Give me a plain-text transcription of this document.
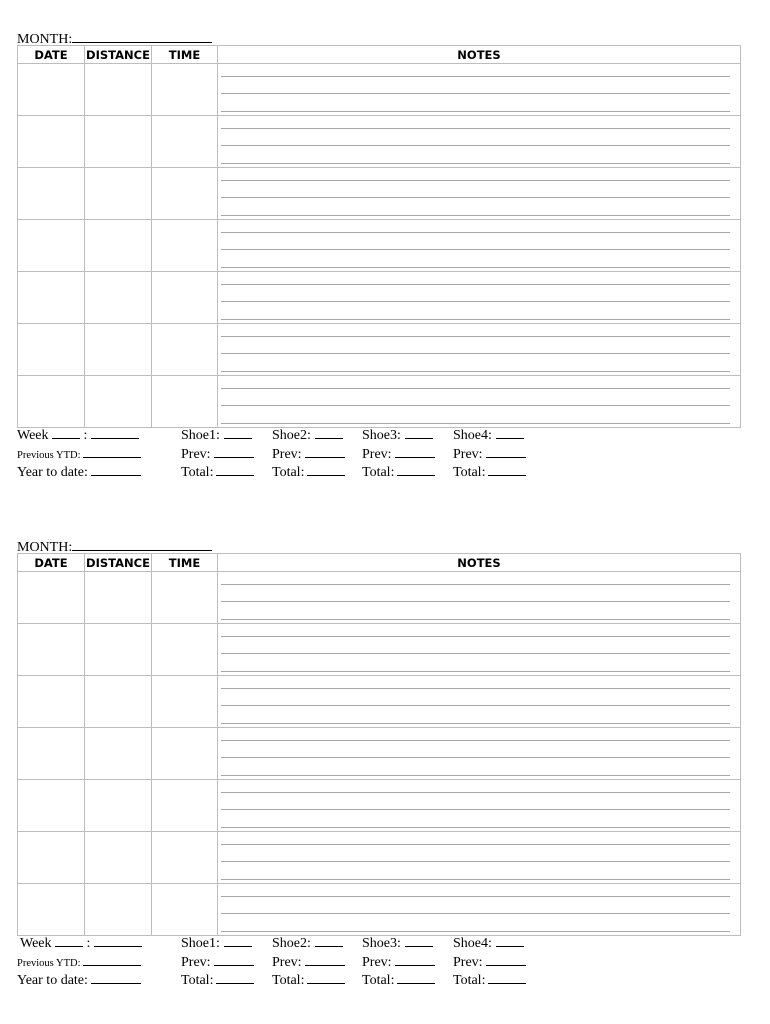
MONTH:
DATE	DISTANCE	TIME	NOTES

Week	:	Shoe1:	Shoe2:	Shoe3:	Shoe4:
Previous YTD:	Prev:	Prev:	Prev:	Prev:
Year to date:	Total:	Total:	Total:	Total:
MONTH:
DATE	DISTANCE	TIME	NOTES

Week	:	Shoe1:	Shoe2:	Shoe3:	Shoe4:
Previous YTD:	Prev:	Prev:	Prev:	Prev:
Year to date:	Total:	Total:	Total:	Total:
